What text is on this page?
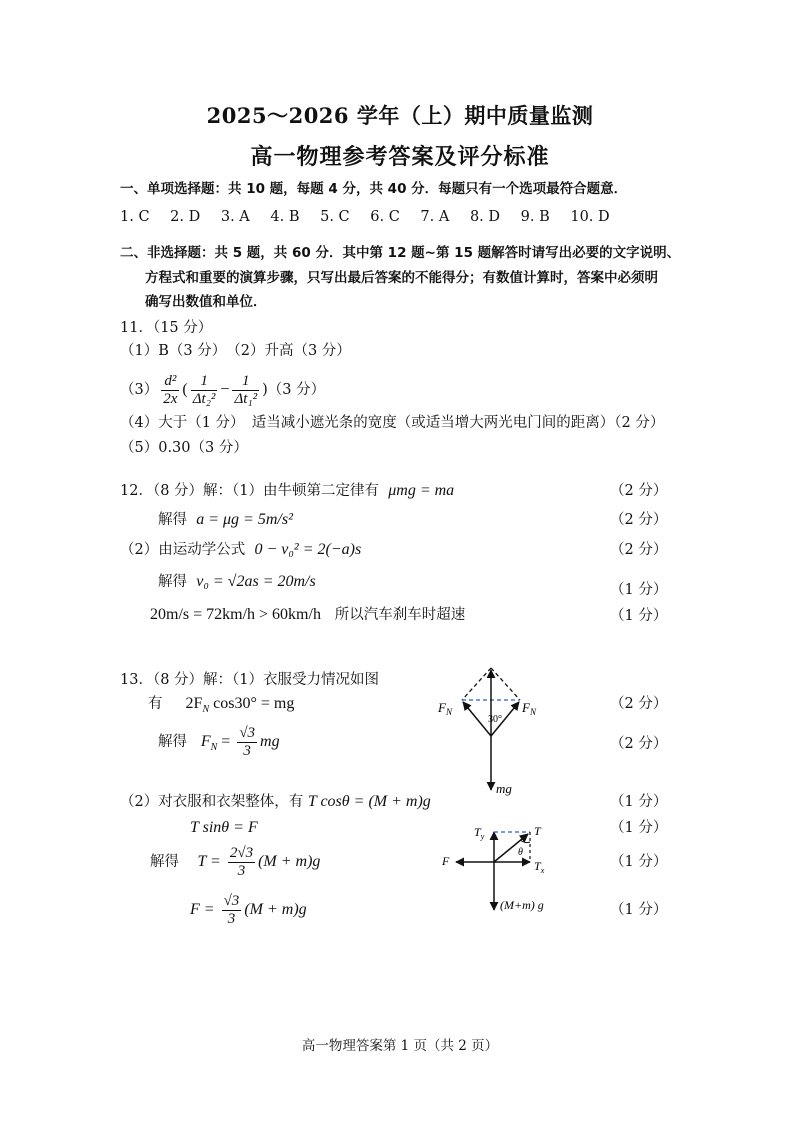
2025～2026 学年（上）期中质量监测
高一物理参考答案及评分标准
一、单项选择题：共 10 题，每题 4 分，共 40 分．每题只有一个选项最符合题意．
1. C 2. D 3. A 4. B 5. C 6. C 7. A 8. D 9. B 10. D
二、非选择题：共 5 题，共 60 分．其中第 12 题~第 15 题解答时请写出必要的文字说明、
方程式和重要的演算步骤，只写出最后答案的不能得分；有数值计算时，答案中必须明
确写出数值和单位．
11．（15 分）
（1）B（3 分）　（2）升高（3 分）
$(3) \frac{\text{d²}}{2x}$ ( $\frac{1}{\text{Δt₂²}} - \frac{1}{\text{Δt₁²}} )(3$ 分）
（4）大于（1 分）　适当减小遮光条的宽度（或适当增大两光电门间的距离）（2 分）
（5）0.30（3 分）
12．（8 分）解：（1）由牛顿第二定律有 μmg = ma	（2 分）
解得 a = μg = 5m/s²	（2 分）
（2）由运动学公式 0 − v₀² = 2(−a)s	（2 分）
解得 v₀ = √2as = 20m/s	（1 分）
20m/s = 72km/h > 60km/h 所以汽车刹车时超速	（1 分）
13．（8 分）解：（1）衣服受力情况如图
有 $2F_N$ cos30° = mg	（2 分）
解得 $F_N = \frac{√3}{3}$ mg	（2 分）
$F_N$	$F_N$
30°
mg
（2）对衣服和衣架整体，有 T cosθ = (M + m)g	（1 分）
T sinθ = F	（1 分）
解得 $T = \frac{2√3}{3} (M + m)g$	（1 分）
$F = \frac{√3}{3} (M + m)g$	（1 分）
$T_y$	T
θ
F	$T_x$
(M+m) g
高一物理答案第 1 页（共 2 页）
